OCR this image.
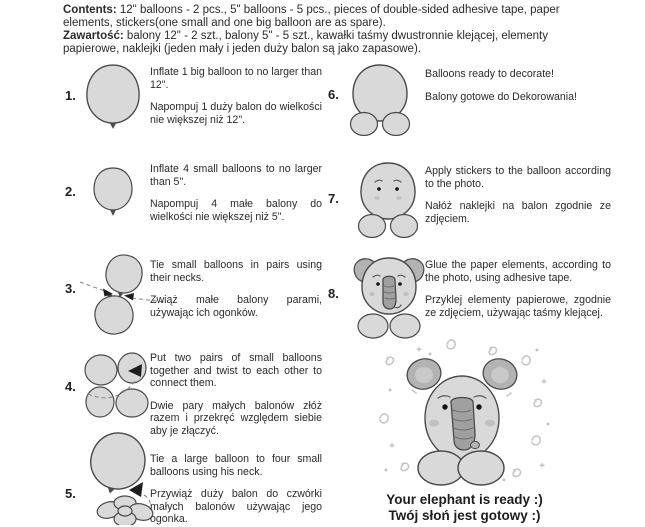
Contents: 12" balloons - 2 pcs., 5" balloons - 5 pcs., pieces of double-sided adhesive tape, paper elements, stickers(one small and one big balloon are as spare).

Zawartość: balony 12" - 2 szt., balony 5" - 5 szt., kawałki taśmy dwustronnie klejącej, elementy papierowe, naklejki (jeden mały i jeden duży balon są jako zapasowe).

1.

Inflate 1 big balloon to no larger than 12".

Napompuj 1 duży balon do wielkości nie większej niż 12".

2.

Inflate 4 small balloons to no larger than 5".

Napompuj 4 małe balony do wielkości nie większej niż 5".

3.

Tie small balloons in pairs using their necks.

Zwiąż małe balony parami, używając ich ogonków.

4.

Put two pairs of small balloons together and twist to each other to connect them.

Dwie pary małych balonów złóż razem i przekręć względem siebie aby je złączyć.

5.

Tie a large balloon to four small balloons using his neck.

Przywiąż duży balon do czwórki małych balonów używając jego ogonka.

6.

Balloons ready to decorate!

Balony gotowe do Dekorowania!

7.

Apply stickers to the balloon according to the photo.

Nałóż naklejki na balon zgodnie ze zdjęciem.

8.

Glue the paper elements, according to the photo, using adhesive tape.

Przyklej elementy papierowe, zgodnie ze zdjęciem, używając taśmy klejącej.

Your elephant is ready :)
Twój słoń jest gotowy :)
